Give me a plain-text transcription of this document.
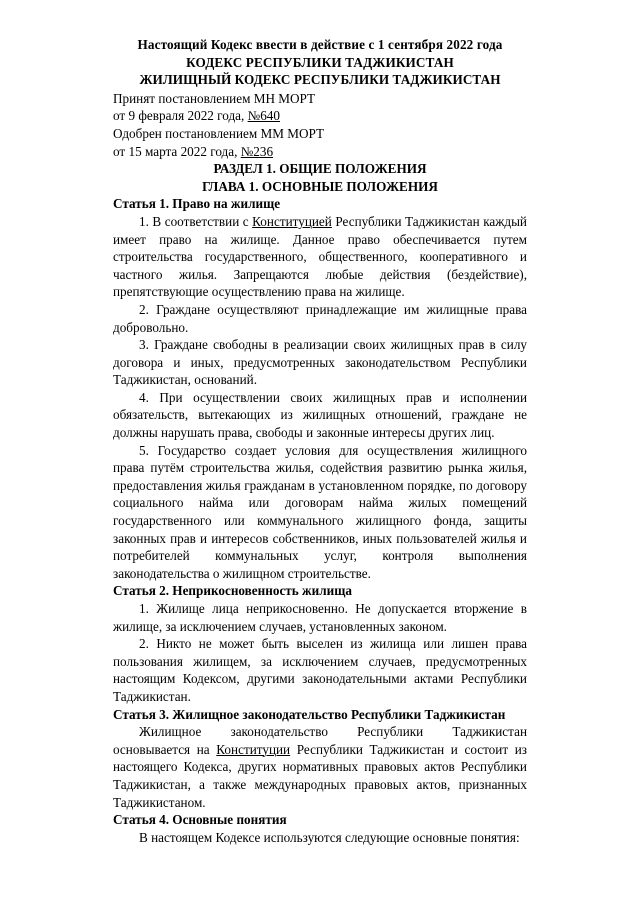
Настоящий Кодекс ввести в действие с 1 сентября 2022 года
КОДЕКС РЕСПУБЛИКИ ТАДЖИКИСТАН
ЖИЛИЩНЫЙ КОДЕКС РЕСПУБЛИКИ ТАДЖИКИСТАН
Принят постановлением МН МОРТ
от 9 февраля 2022 года, №640
Одобрен постановлением ММ МОРТ
от 15 марта 2022 года, №236
РАЗДЕЛ 1. ОБЩИЕ ПОЛОЖЕНИЯ
ГЛАВА 1. ОСНОВНЫЕ ПОЛОЖЕНИЯ
Статья 1. Право на жилище

1. В соответствии с Конституцией Республики Таджикистан каждый имеет право на жилище. Данное право обеспечивается путем строительства государственного, общественного, кооперативного и частного жилья. Запрещаются любые действия (бездействие), препятствующие осуществлению права на жилище.

2. Граждане осуществляют принадлежащие им жилищные права добровольно.

3. Граждане свободны в реализации своих жилищных прав в силу договора и иных, предусмотренных законодательством Республики Таджикистан, оснований.

4. При осуществлении своих жилищных прав и исполнении обязательств, вытекающих из жилищных отношений, граждане не должны нарушать права, свободы и законные интересы других лиц.

5. Государство создает условия для осуществления жилищного права путём строительства жилья, содействия развитию рынка жилья, предоставления жилья гражданам в установленном порядке, по договору социального найма или договорам найма жилых помещений государственного или коммунального жилищного фонда, защиты законных прав и интересов собственников, иных пользователей жилья и потребителей коммунальных услуг, контроля выполнения законодательства о жилищном строительстве.

Статья 2. Неприкосновенность жилища

1. Жилище лица неприкосновенно. Не допускается вторжение в жилище, за исключением случаев, установленных законом.

2. Никто не может быть выселен из жилища или лишен права пользования жилищем, за исключением случаев, предусмотренных настоящим Кодексом, другими законодательными актами Республики Таджикистан.

Статья 3. Жилищное законодательство Республики Таджикистан

Жилищное законодательство Республики Таджикистан основывается на Конституции Республики Таджикистан и состоит из настоящего Кодекса, других нормативных правовых актов Республики Таджикистан, а также международных правовых актов, признанных Таджикистаном.

Статья 4. Основные понятия

В настоящем Кодексе используются следующие основные понятия:
